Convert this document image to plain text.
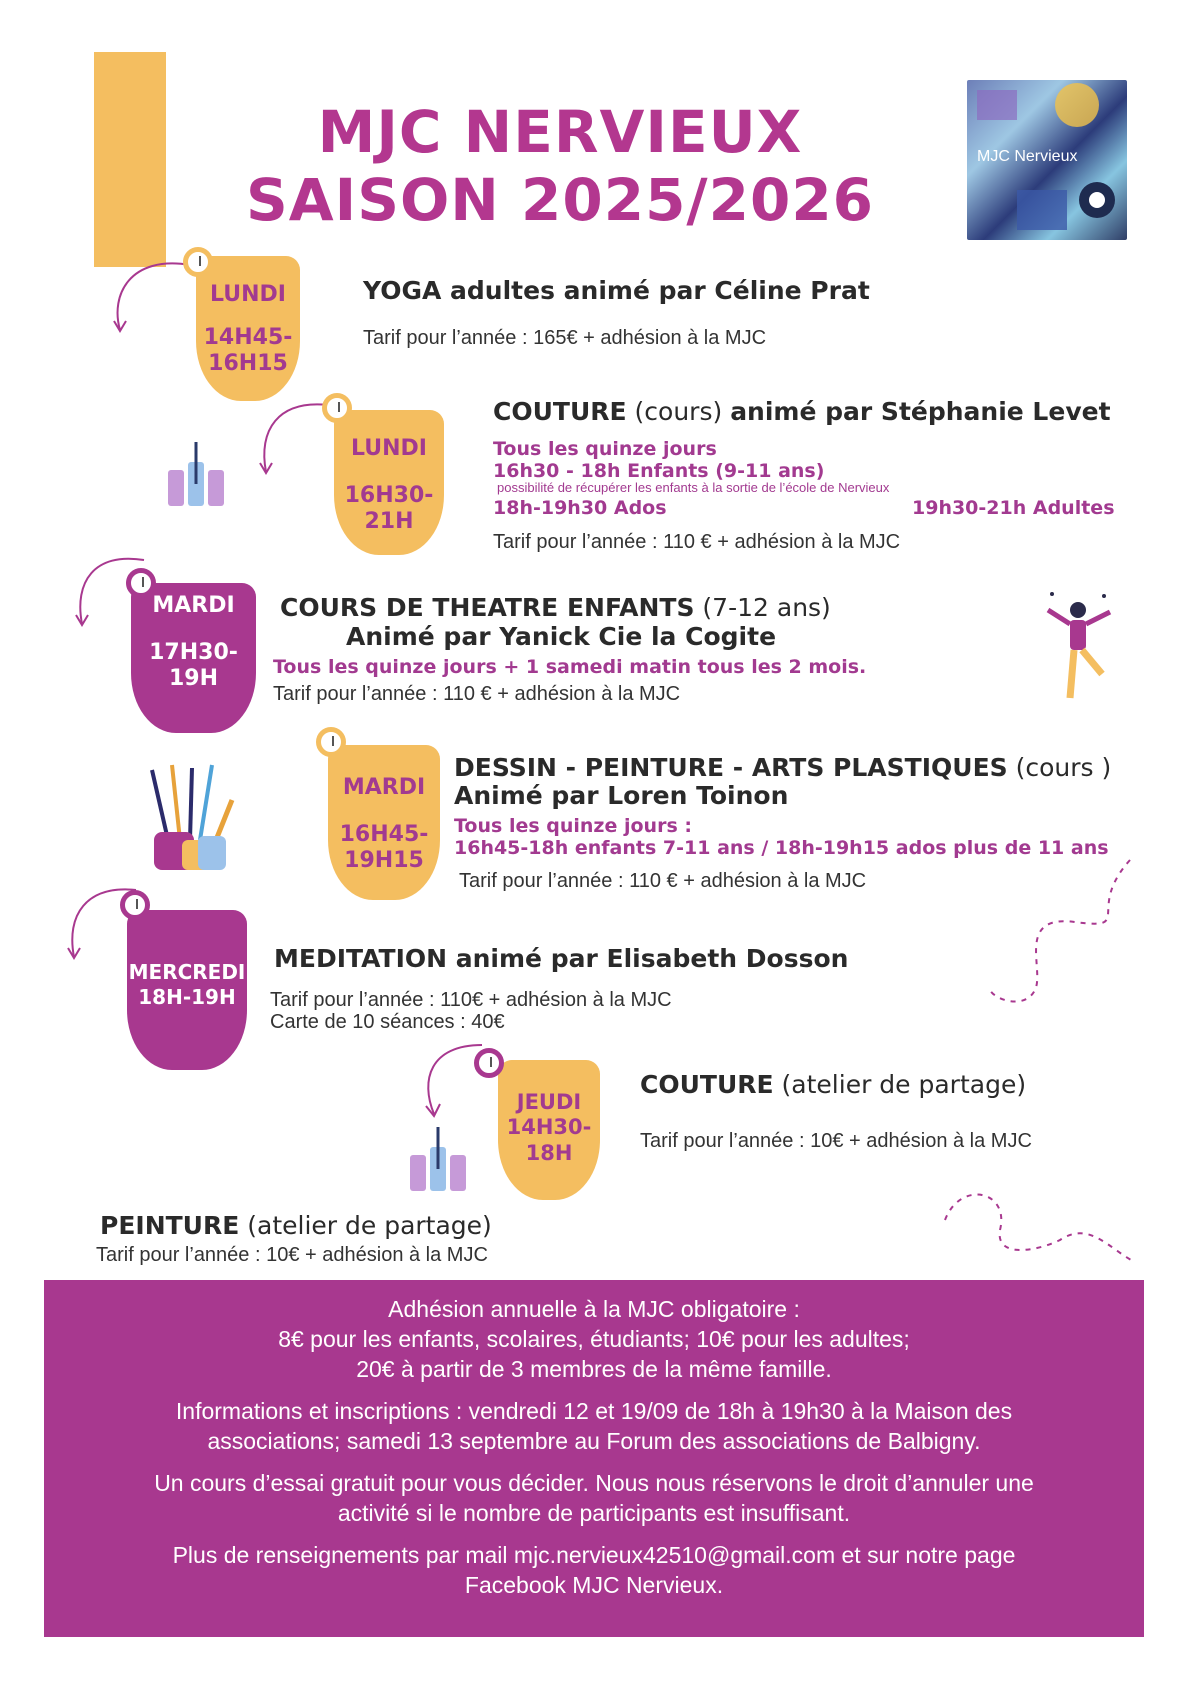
MJC NERVIEUX
SAISON 2025/2026
MJC Nervieux
LUNDI
14H45-
16H15
YOGA adultes animé par Céline Prat
Tarif pour l’année : 165€ + adhésion à la MJC
LUNDI
16H30-
21H
COUTURE (cours) animé par Stéphanie Levet
Tous les quinze jours
16h30 - 18h Enfants (9-11 ans)
possibilité de récupérer les enfants à la sortie de l’école de Nervieux
18h-19h30 Ados	19h30-21h Adultes
Tarif pour l’année : 110 € + adhésion à la MJC
MARDI
17H30-
19H
COURS DE THEATRE ENFANTS (7-12 ans)
Animé par Yanick Cie la Cogite
Tous les quinze jours + 1 samedi matin tous les 2 mois.
Tarif pour l’année : 110 € + adhésion à la MJC
MARDI
16H45-
19H15
DESSIN - PEINTURE - ARTS PLASTIQUES (cours )
Animé par Loren Toinon
Tous les quinze jours :
16h45-18h enfants 7-11 ans / 18h-19h15 ados plus de 11 ans
Tarif pour l’année : 110 € + adhésion à la MJC
MERCREDI
18H-19H
MEDITATION animé par Elisabeth Dosson
Tarif pour l’année : 110€ + adhésion à la MJC
Carte de 10 séances : 40€
JEUDI
14H30-
18H
COUTURE (atelier de partage)
Tarif pour l’année : 10€ + adhésion à la MJC
PEINTURE (atelier de partage)
Tarif pour l’année : 10€ + adhésion à la MJC

Adhésion annuelle à la MJC obligatoire :
8€ pour les enfants, scolaires, étudiants; 10€ pour les adultes;
20€ à partir de 3 membres de la même famille.

Informations et inscriptions : vendredi 12 et 19/09 de 18h à 19h30 à la Maison des
associations; samedi 13 septembre au Forum des associations de Balbigny.

Un cours d’essai gratuit pour vous décider. Nous nous réservons le droit d’annuler une
activité si le nombre de participants est insuffisant.

Plus de renseignements par mail mjc.nervieux42510@gmail.com et sur notre page
Facebook MJC Nervieux.
